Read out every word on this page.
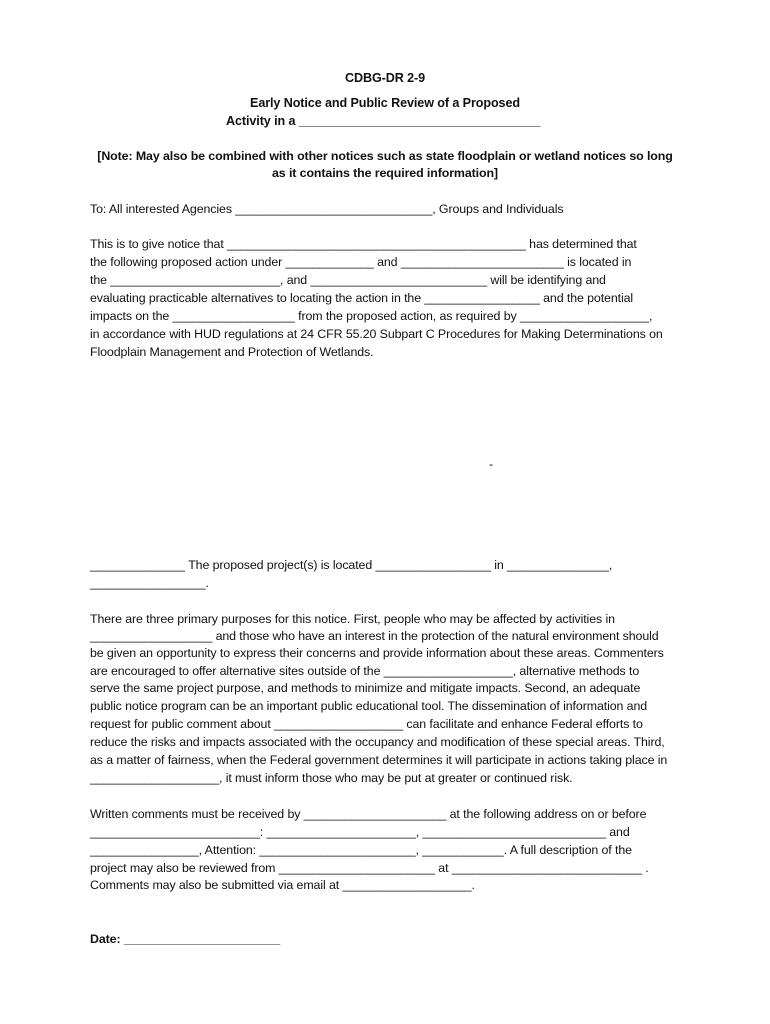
CDBG-DR 2-9
Early Notice and Public Review of a Proposed
Activity in a ___________________________________
[Note: May also be combined with other notices such as state floodplain or wetland notices so long
as it contains the required information]
To: All interested Agencies _____________________________, Groups and Individuals
This is to give notice that ____________________________________________ has determined that
the following proposed action under _____________ and ________________________ is located in
the _________________________, and __________________________ will be identifying and
evaluating practicable alternatives to locating the action in the _________________ and the potential
impacts on the __________________ from the proposed action, as required by ___________________,
in accordance with HUD regulations at 24 CFR 55.20 Subpart C Procedures for Making Determinations on
Floodplain Management and Protection of Wetlands.
-
______________ The proposed project(s) is located _________________ in _______________,
_________________.
There are three primary purposes for this notice. First, people who may be affected by activities in
__________________ and those who have an interest in the protection of the natural environment should
be given an opportunity to express their concerns and provide information about these areas. Commenters
are encouraged to offer alternative sites outside of the ___________________, alternative methods to
serve the same project purpose, and methods to minimize and mitigate impacts. Second, an adequate
public notice program can be an important public educational tool. The dissemination of information and
request for public comment about ___________________ can facilitate and enhance Federal efforts to
reduce the risks and impacts associated with the occupancy and modification of these special areas. Third,
as a matter of fairness, when the Federal government determines it will participate in actions taking place in
___________________, it must inform those who may be put at greater or continued risk.
Written comments must be received by _____________________ at the following address on or before
_________________________: ______________________, ___________________________ and
________________, Attention: _______________________, ____________. A full description of the
project may also be reviewed from _______________________ at ____________________________ .
Comments may also be submitted via email at ___________________.
Date: _______________________
